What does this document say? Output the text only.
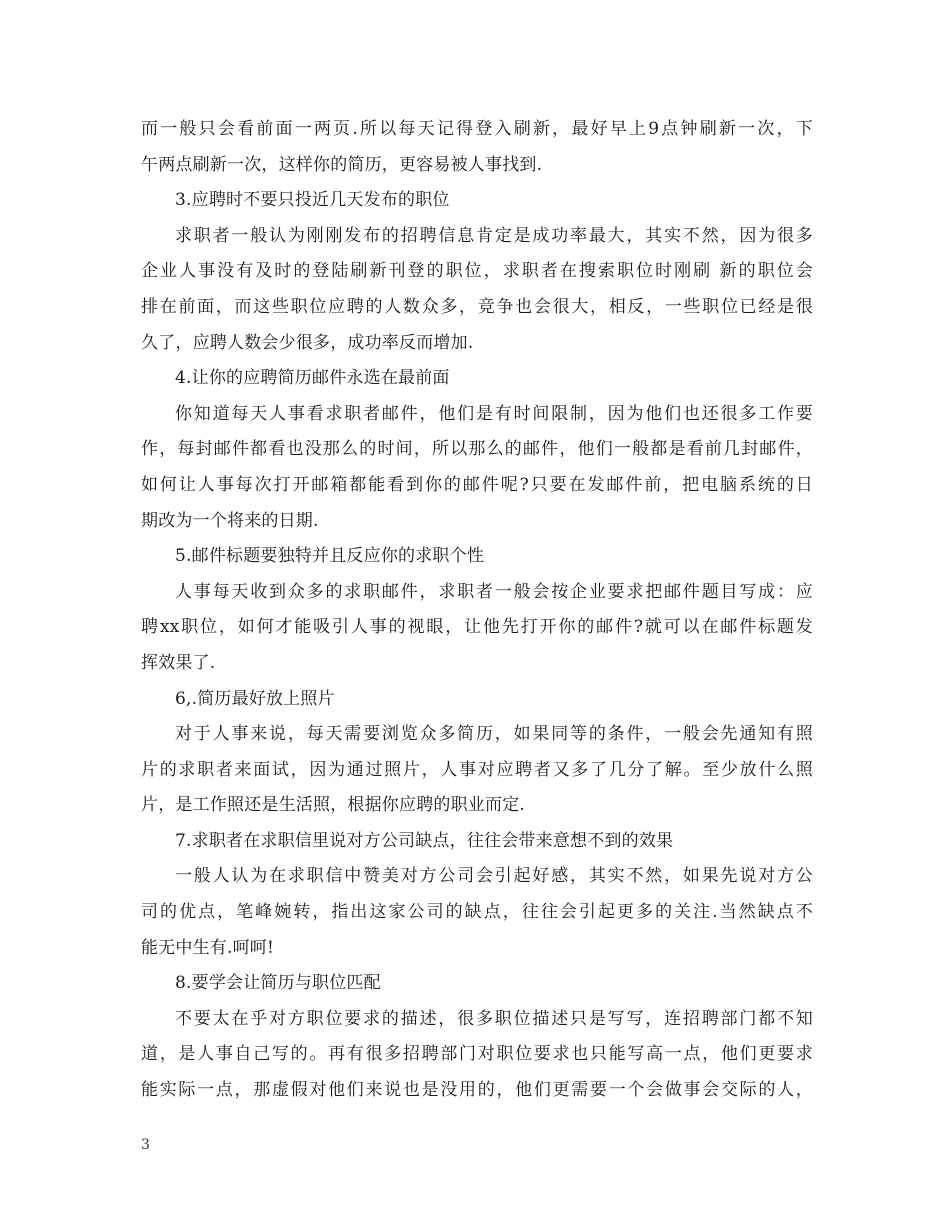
而一般只会看前面一两页.所以每天记得登入刷新，最好早上9点钟刷新一次，下
午两点刷新一次，这样你的简历，更容易被人事找到.
3.应聘时不要只投近几天发布的职位
求职者一般认为刚刚发布的招聘信息肯定是成功率最大，其实不然，因为很多
企业人事没有及时的登陆刷新刊登的职位，求职者在搜索职位时刚刷 新的职位会
排在前面，而这些职位应聘的人数众多，竞争也会很大，相反，一些职位已经是很
久了，应聘人数会少很多，成功率反而增加.
4.让你的应聘简历邮件永选在最前面
你知道每天人事看求职者邮件，他们是有时间限制，因为他们也还很多工作要
作，每封邮件都看也没那么的时间，所以那么的邮件，他们一般都是看前几封邮件，
如何让人事每次打开邮箱都能看到你的邮件呢?只要在发邮件前，把电脑系统的日
期改为一个将来的日期.
5.邮件标题要独特并且反应你的求职个性
人事每天收到众多的求职邮件，求职者一般会按企业要求把邮件题目写成：应
聘xx职位，如何才能吸引人事的视眼，让他先打开你的邮件?就可以在邮件标题发
挥效果了.
6,.简历最好放上照片
对于人事来说，每天需要浏览众多简历，如果同等的条件，一般会先通知有照
片的求职者来面试，因为通过照片，人事对应聘者又多了几分了解。至少放什么照
片，是工作照还是生活照，根据你应聘的职业而定.
7.求职者在求职信里说对方公司缺点，往往会带来意想不到的效果
一般人认为在求职信中赞美对方公司会引起好感，其实不然，如果先说对方公
司的优点，笔峰婉转，指出这家公司的缺点，往往会引起更多的关注.当然缺点不
能无中生有.呵呵!
8.要学会让简历与职位匹配
不要太在乎对方职位要求的描述，很多职位描述只是写写，连招聘部门都不知
道，是人事自己写的。再有很多招聘部门对职位要求也只能写高一点，他们更要求
能实际一点，那虚假对他们来说也是没用的，他们更需要一个会做事会交际的人，
3
